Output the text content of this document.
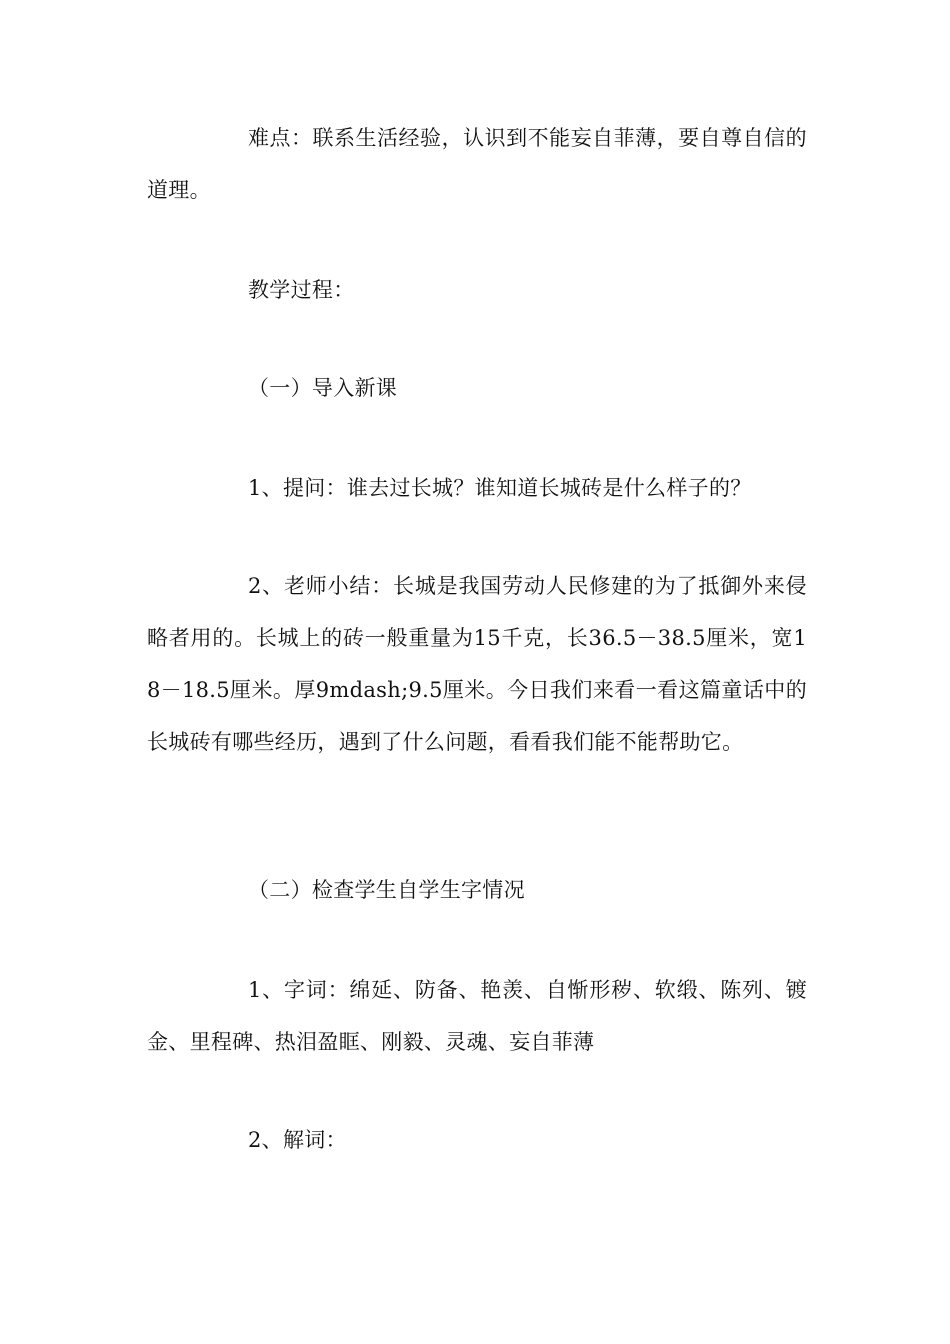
难点：联系生活经验，认识到不能妄自菲薄，要自尊自信的道理。

教学过程：

（一）导入新课

1、提问：谁去过长城？谁知道长城砖是什么样子的？

2、老师小结：长城是我国劳动人民修建的为了抵御外来侵略者用的。长城上的砖一般重量为15千克，长36.5－38.5厘米，宽18－18.5厘米。厚9mdash;9.5厘米。今日我们来看一看这篇童话中的长城砖有哪些经历，遇到了什么问题，看看我们能不能帮助它。

（二）检查学生自学生字情况

1、字词：绵延、防备、艳羡、自惭形秽、软缎、陈列、镀金、里程碑、热泪盈眶、刚毅、灵魂、妄自菲薄

2、解词：
